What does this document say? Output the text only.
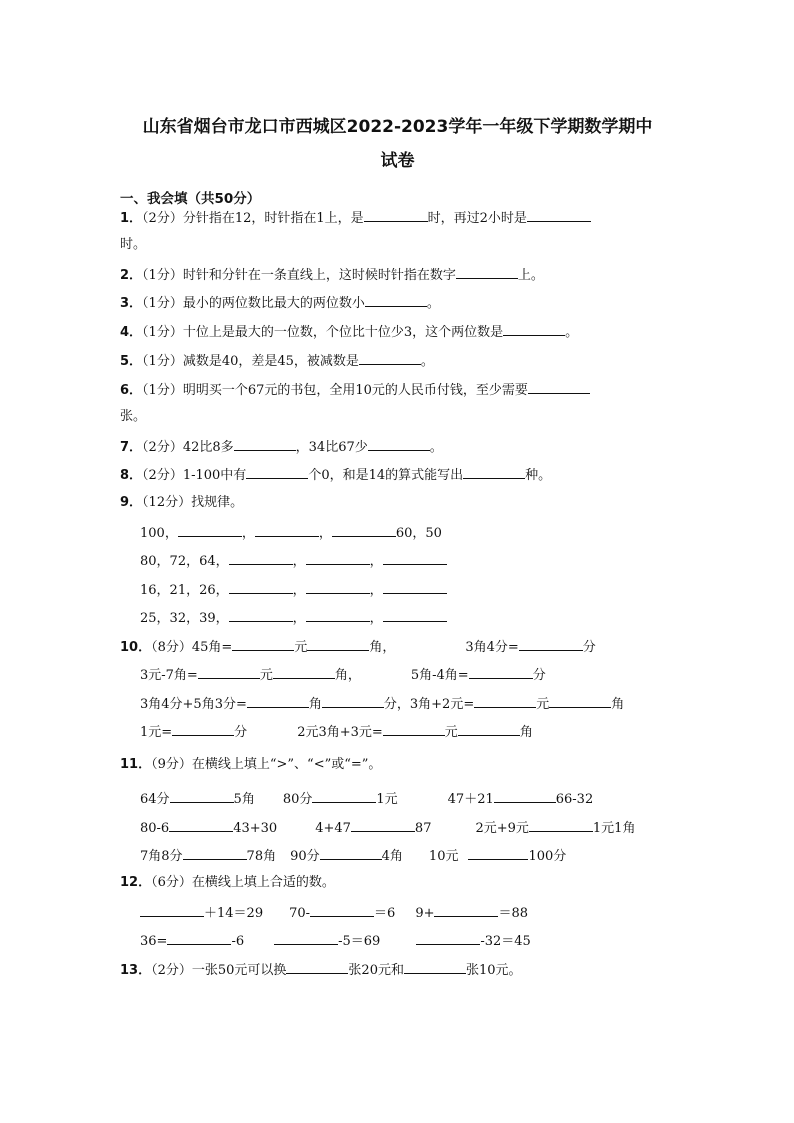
山东省烟台市龙口市西城区2022-2023学年一年级下学期数学期中
试卷
一、我会填（共50分）
1．（2分）分针指在12，时针指在1上，是	时，再过2小时是
时。
2．（1分）时针和分针在一条直线上，这时候时针指在数字	上。
3．（1分）最小的两位数比最大的两位数小	。
4．（1分）十位上是最大的一位数，个位比十位少3，这个两位数是	。
5．（1分）减数是40，差是45，被减数是	。
6．（1分）明明买一个67元的书包，全用10元的人民币付钱，至少需要
张。
7．（2分）42比8多	，34比67少	。
8．（2分）1-100中有	个0，和是14的算式能写出	种。
9．（12分）找规律。
100，	，	，	60，50
80，72，64，	，	，
16，21，26，	，	，
25，32，39，	，	，
10．（8分）45角=	元	角，	3角4分=	分
3元-7角=	元	角，	5角-4角=	分
3角4分+5角3分=	角	分，3角+2元=	元	角
1元=	分	2元3角+3元=	元	角
11．（9分）在横线上填上“>”、“<”或“=”。
64分	5角 80分	1元	47＋21	66-32
80-6	43+30	4+47	87	2元+9元	1元1角
7角8分	78角 90分	4角 10元	100分
12．（6分）在横线上填上合适的数。
＋14＝29 70-	＝6 9+	＝88
36=	-6	-5＝69	-32＝45
13．（2分）一张50元可以换	张20元和	张10元。
